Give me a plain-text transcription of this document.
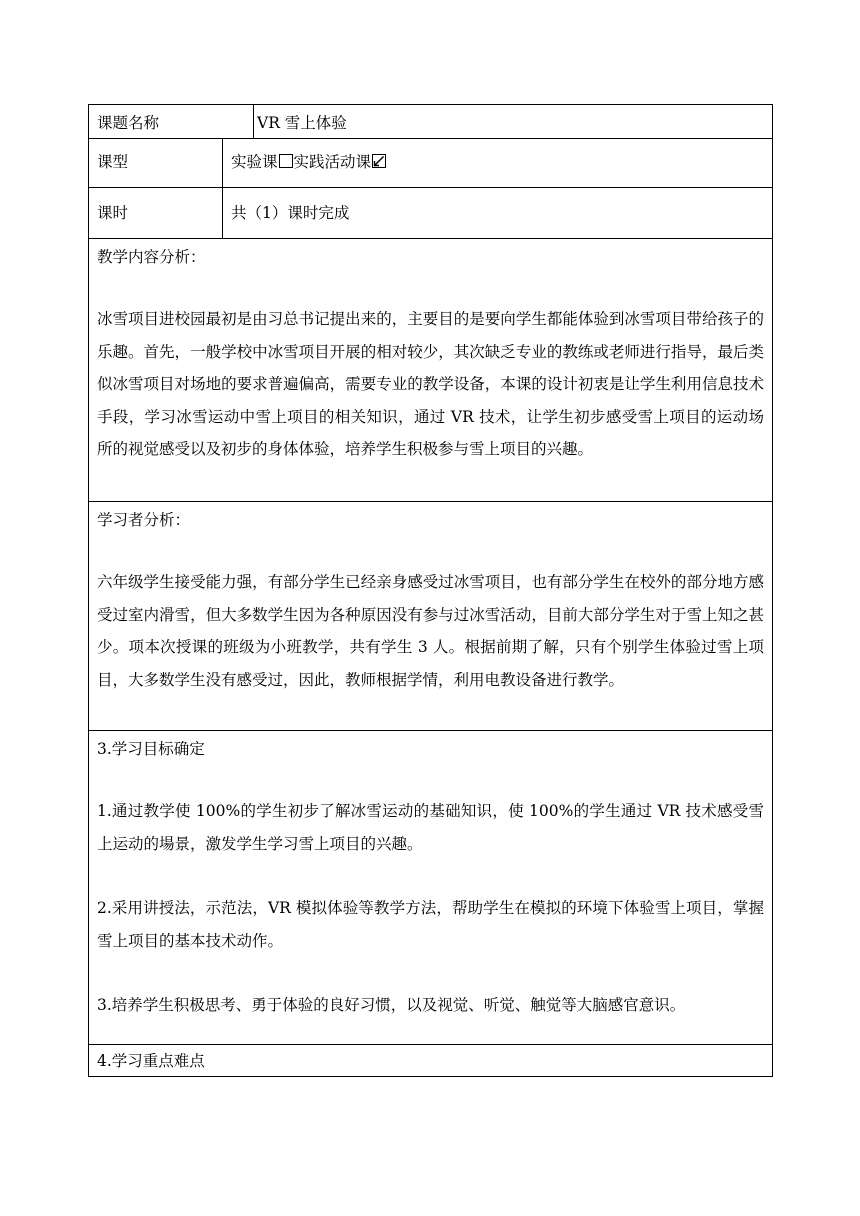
课题名称	VR 雪上体验
课型	实验课 实践活动课

课时	共（1）课时完成

教学内容分析：

冰雪项目进校园最初是由习总书记提出来的，主要目的是要向学生都能体验到冰雪项目带给孩子的乐趣。首先，一般学校中冰雪项目开展的相对较少，其次缺乏专业的教练或老师进行指导，最后类似冰雪项目对场地的要求普遍偏高，需要专业的教学设备，本课的设计初衷是让学生利用信息技术手段，学习冰雪运动中雪上项目的相关知识，通过 VR 技术，让学生初步感受雪上项目的运动场所的视觉感受以及初步的身体体验，培养学生积极参与雪上项目的兴趣。	

学习者分析：

六年级学生接受能力强，有部分学生已经亲身感受过冰雪项目，也有部分学生在校外的部分地方感受过室内滑雪，但大多数学生因为各种原因没有参与过冰雪活动，目前大部分学生对于雪上知之甚少。项本次授课的班级为小班教学，共有学生 3 人。根据前期了解，只有个别学生体验过雪上项目，大多数学生没有感受过，因此，教师根据学情，利用电教设备进行教学。	

3.学习目标确定

1.通过教学使 100%的学生初步了解冰雪运动的基础知识，使 100%的学生通过 VR 技术感受雪上运动的場景，激发学生学习雪上项目的兴趣。

2.采用讲授法，示范法，VR 模拟体验等教学方法，帮助学生在模拟的环境下体验雪上项目，掌握雪上项目的基本技术动作。

3.培养学生积极思考、勇于体验的良好习惯，以及视觉、听觉、触觉等大脑感官意识。	

4.学习重点难点	
